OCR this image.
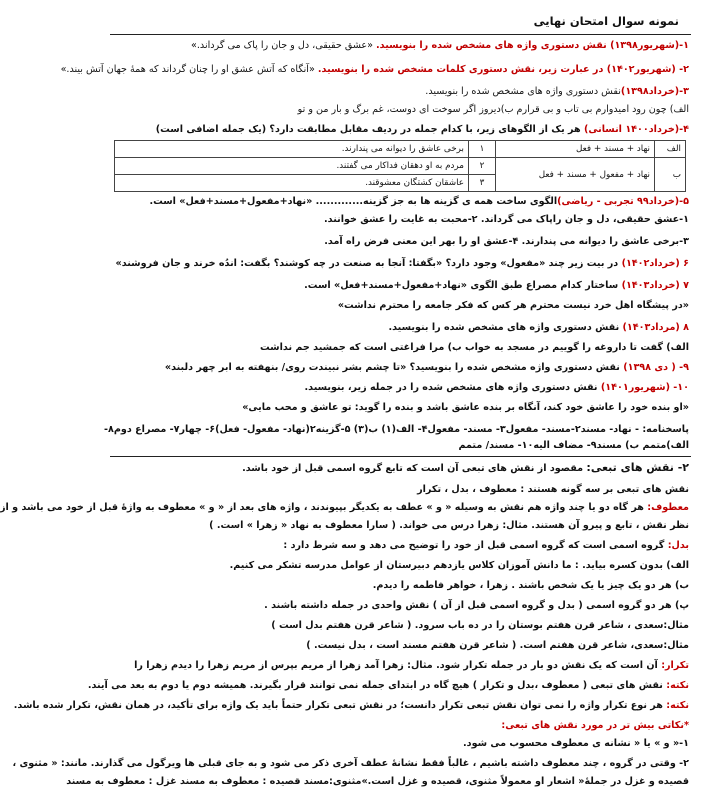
نمونه سوال امتحان نهایی
۱-(شهریور۱۳۹۸) نقش دستوری واژه های مشخص شده را بنویسید. «عشق حقیقی، دل و جان را پاک می گرداند.»
۲- (شهریور۱۴۰۲) در عبارت زیر، نقش دستوری کلمات مشخص شده را بنویسید. «آنگاه که آتش عشق او را چنان گرداند که همهٔ جهان آتش بیند.»
۳-(خرداد۱۳۹۸)نقش دستوری واژه های مشخص شده را بنویسید.
الف) چون رود امیدوارم بی تاب و بی قرارم ب)دیروز اگر سوخت ای دوست، غم برگ و بار من و تو
۴-(خرداد۱۴۰۰ انسانی) هر یک از الگوهای زیر، با کدام جمله در ردیف مقابل مطابقت دارد؟ (یک جمله اضافی است)
الف	نهاد + مسند + فعل	۱	برخی عاشق را دیوانه می پندارند.
ب	نهاد + مفعول + مسند + فعل	۲	مردم به او دهقان فداکار می گفتند.
		۳	عاشقان کشتگان معشوقند.
۵-(خرداد۹۹ تجربی - ریاضی)الگوی ساخت همه ی گزینه ها به جز گزینه............. «نهاد+مفعول+مسند+فعل» است.
۱-عشق حقیقی، دل و جان راپاک می گرداند. ۲-محبت به غایت را عشق خوانند.
۳-برخی عاشق را دیوانه می پندارند. ۴-عشق او را بهر این معنی فرض راه آمد.
۶ (خرداد۱۴۰۲) در بیت زیر چند «مفعول» وجود دارد؟ «بگفتا: آنجا به صنعت در چه کوشند؟ بگفت: اندُه خرند و جان فروشند»
۷ (خرداد۱۴۰۳) ساختار کدام مصراع طبق الگوی «نهاد+مفعول+مسند+فعل» است.
«در پیشگاه اهل خرد نیست محترم هر کس که فکر جامعه را محترم نداشت»
۸ (مرداد۱۴۰۳) نقش دستوری واژه های مشخص شده را بنویسید.
الف) گفت تا داروغه را گوییم در مسجد به خواب ب) مرا فراغتی است که جمشید جم نداشت
۹- ( دی ۱۳۹۸) نقش دستوری واژه مشخص شده را بنویسید؟ «تا چشم بشر نبیندت روی/ بنهفته به ابر چهر دلبند»
۱۰- (شهریور۱۴۰۱) نقش دستوری واژه های مشخص شده را در جمله زیر، بنویسید.
«او بنده خود را عاشق خود کند، آنگاه بر بنده عاشق باشد و بنده را گوید: تو عاشق و محب مایی»
پاسخنامه: - نهاد- مسند۲-مسند- مفعول۳- مسند- مفعول۴- الف(۱) ب(۳) ۵-گزینه۲(نهاد- مفعول- فعل)۶- چهار۷- مصراع دوم۸-
الف)متمم ب) مسند۹- مضاف الیه۱۰- مسند/ متمم
۲- نقش های تبعی: مقصود از نقش های تبعی آن است که تابع گروه اسمی قبل از خود باشد.
نقش های تبعی بر سه گونه هستند : معطوف ، بدل ، تکرار
معطوف: هر گاه دو یا چند واژه هم نقش به وسیله « و » عطف به یکدیگر بپیوندند ، واژه های بعد از « و » معطوف به واژهٔ قبل از خود می باشد و از
نظر نقش ، تابع و پیرو آن هستند. مثال: زهرا درس می خواند. ( سارا معطوف به نهاد « زهرا » است. )
بدل: گروه اسمی است که گروه اسمی قبل از خود را توضیح می دهد و سه شرط دارد :
الف) بدون کسره بیاید. : ما دانش آموزان کلاس یازدهم دبیرستان از عوامل مدرسه تشکر می کنیم.
ب) هر دو یک چیز یا یک شخص باشند . زهرا ، خواهر فاطمه را دیدم.
پ) هر دو گروه اسمی ( بدل و گروه اسمی قبل از آن ) نقش واحدی در جمله داشته باشند .
مثال:سعدی ، شاعر قرن هفتم بوستان را در ده باب سرود. ( شاعر قرن هفتم بدل است )
مثال:سعدی، شاعر قرن هفتم است. ( شاعر قرن هفتم مسند است ، بدل نیست. )
تکرار: آن است که یک نقش دو بار در جمله تکرار شود. مثال: زهرا آمد زهرا از مریم بپرس از مریم زهرا را دیدم زهرا را
نکته: نقش های تبعی ( معطوف ،بدل و تکرار ) هیچ گاه در ابتدای جمله نمی توانند قرار بگیرند. همیشه دوم یا دوم به بعد می آیند.
نکته: هر نوع تکرار واژه را نمی توان نقش تبعی تکرار دانست؛ در نقش تبعی تکرار حتماً باید یک واژه برای تأکید، در همان نقش، تکرار شده باشد.
*نکاتی بیش تر در مورد نقش های تبعی:
۱-« و » یا « نشانه ی معطوف محسوب می شود.
۲- وقتی در گروه ، چند معطوف داشته باشیم ، غالباً فقط نشانهٔ عطف آخری ذکر می شود و به جای قبلی ها ویرگول می گذارند. مانند: « مثنوی ،
قصیده و غزل در جملهٔ« اشعار او معمولاً مثنوی، قصیده و غزل است.»مثنوی:مسند قصیده : معطوف به مسند غزل : معطوف به مسند
